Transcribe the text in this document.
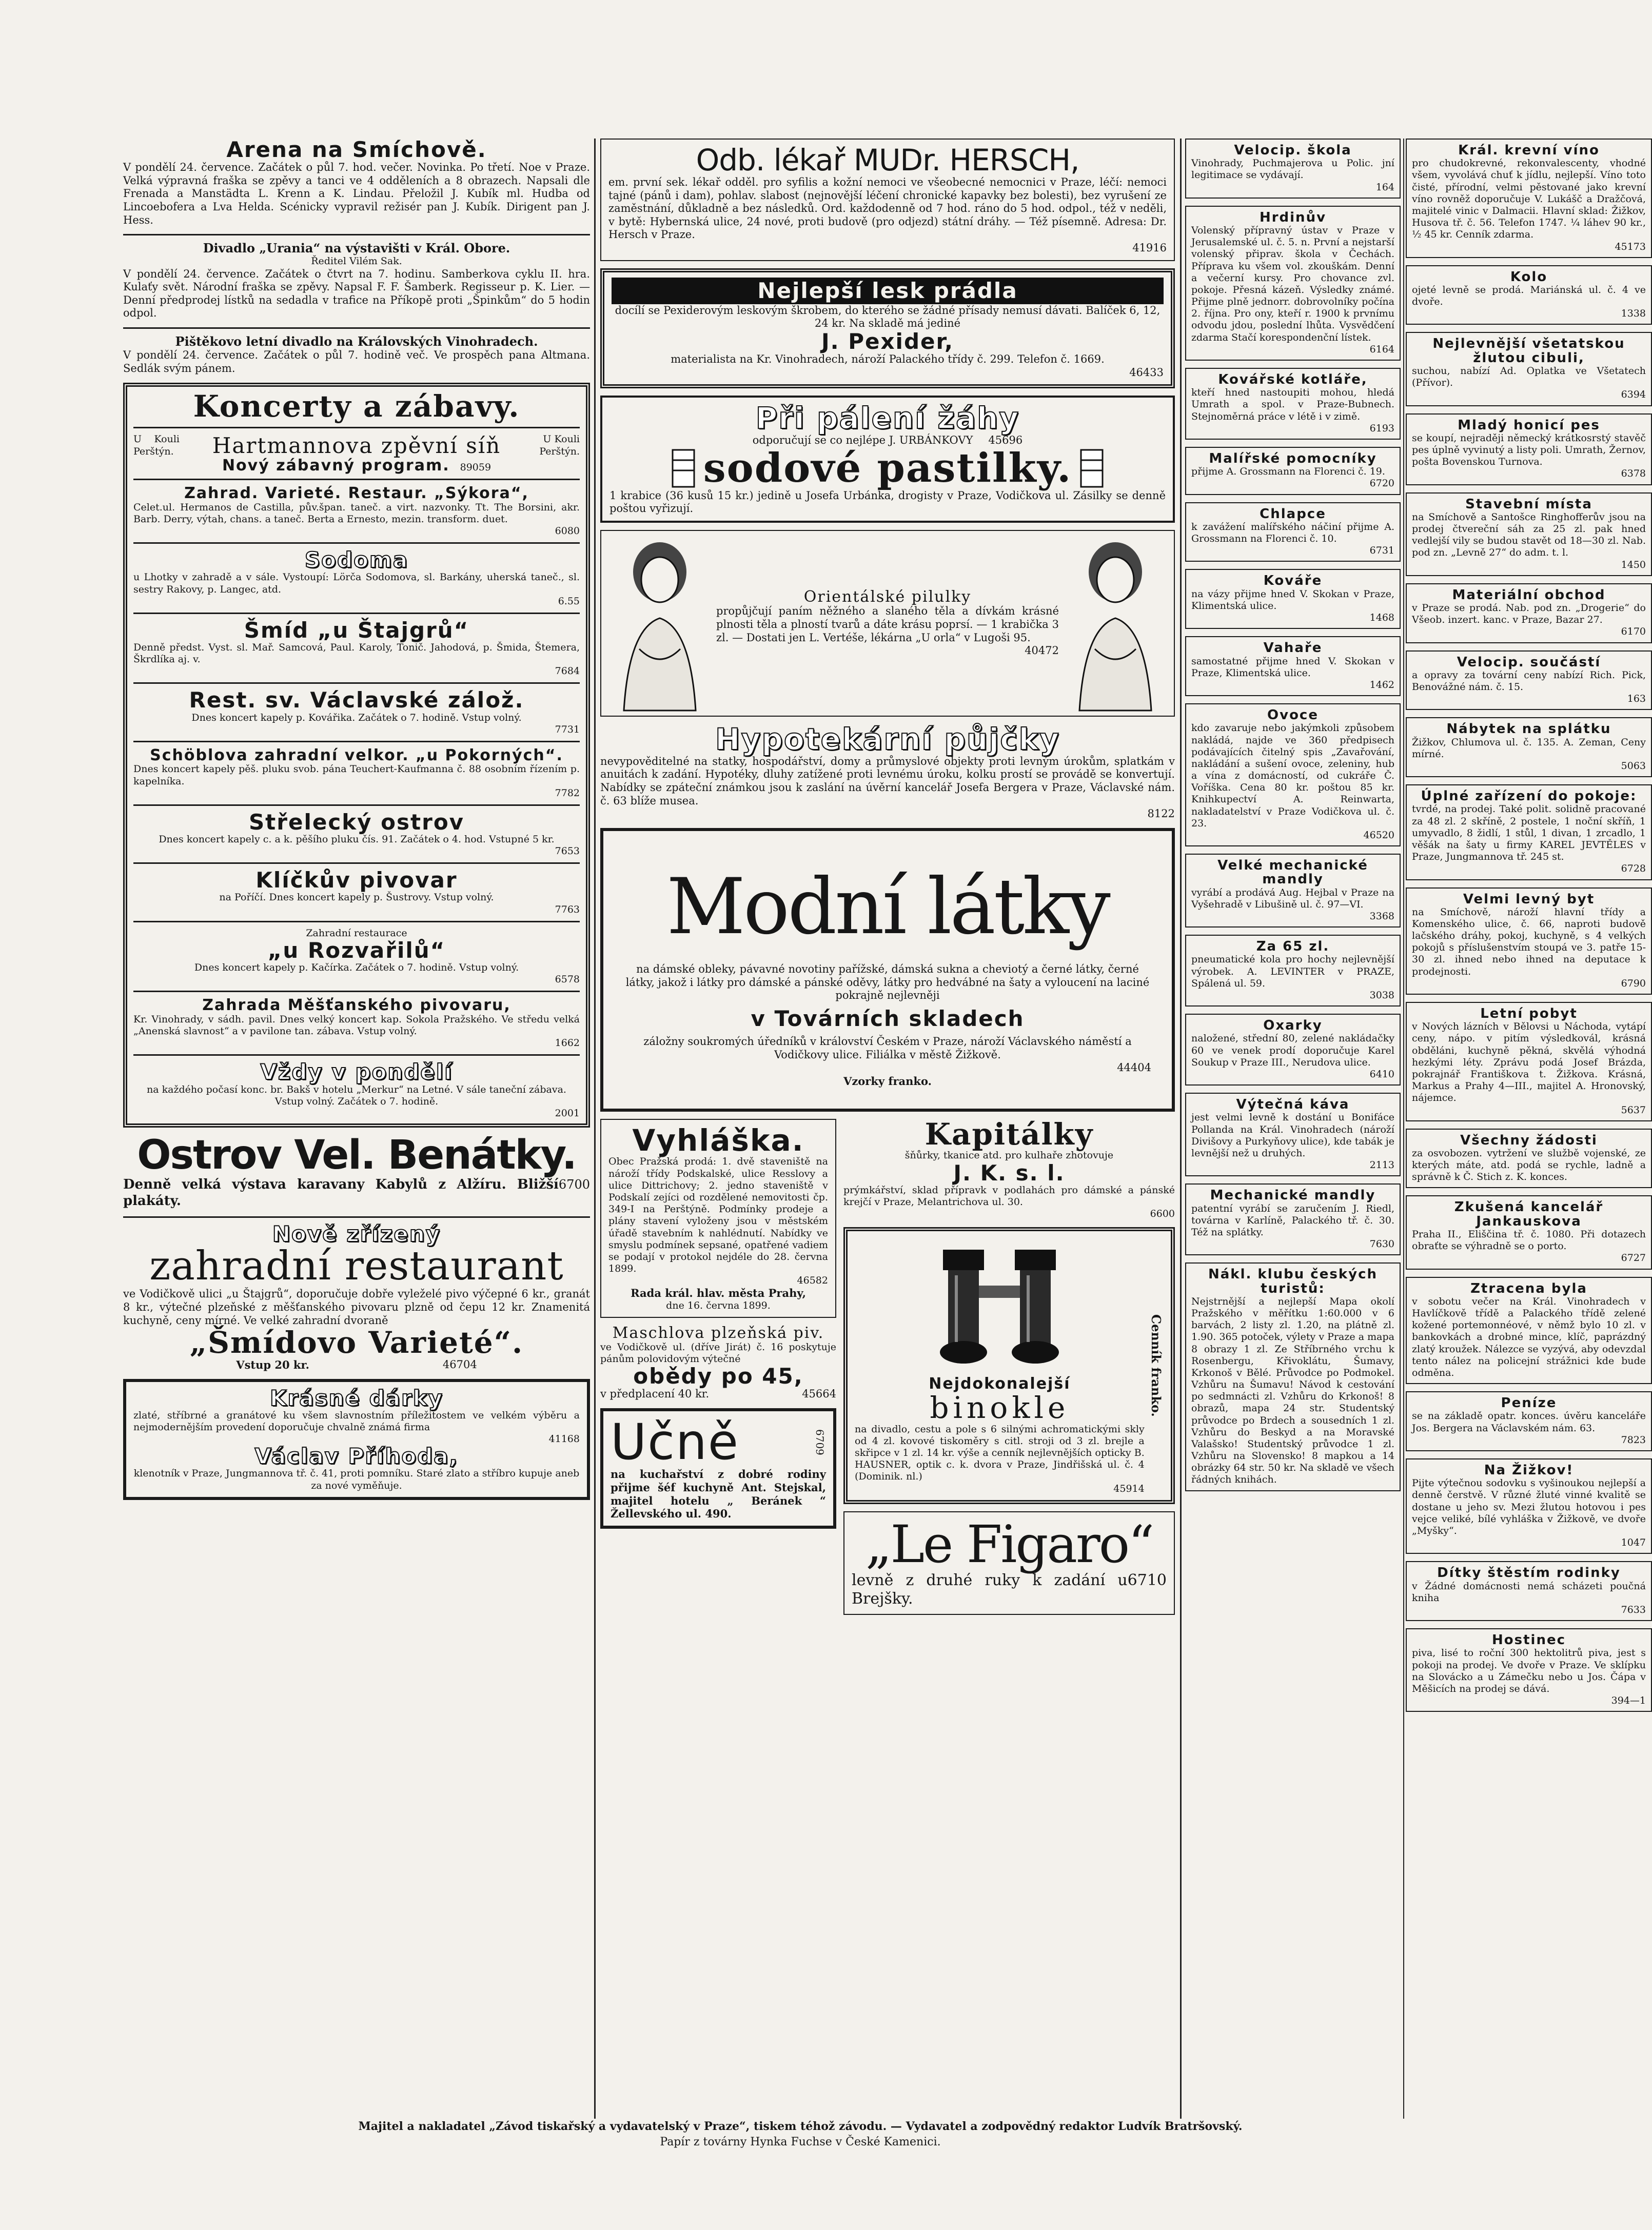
Arena na Smíchově.
V pondělí 24. července. Začátek o půl 7. hod. večer. Novinka. Po třetí. Noe v Praze. Velká výpravná fraška se zpěvy a tanci ve 4 odděleních a 8 obrazech. Napsali dle Frenada a Manstädta L. Krenn a K. Lindau. Přeložil J. Kubík ml. Hudba od Lincoebofera a Lva Helda. Scénicky vypravil režisér pan J. Kubík. Dirigent pan J. Hess.
Divadlo „Urania“ na výstavišti v Král. Obore.
Ředitel Vilém Sak.
V pondělí 24. července. Začátek o čtvrt na 7. hodinu. Samberkova cyklu II. hra. Kulaťy svět. Národní fraška se zpěvy. Napsal F. F. Šamberk. Regisseur p. K. Lier. — Denní předprodej lístků na sedadla v trafice na Příkopě proti „Špinkům“ do 5 hodin odpol.
Pištěkovo letní divadlo na Královských Vinohradech.
V pondělí 24. července. Začátek o půl 7. hodině več. Ve prospěch pana Altmana. Sedlák svým pánem.
Koncerty a zábavy.
U Kouli Perštýn. Hartmannova zpěvní síň	U Kouli Perštýn.
Nový zábavný program. 89059
Zahrad. Varieté. Restaur. „Sýkora“,
Celet.ul. Hermanos de Castilla, pův.špan. taneč. a virt. nazvonky. Tt. The Borsini, akr. Barb. Derry, výtah, chans. a taneč. Berta a Ernesto, mezin. transform. duet.
6080
Sodoma
u Lhotky v zahradě a v sále. Vystoupí: Lörča Sodomova, sl. Barkány, uherská taneč., sl. sestry Rakovy, p. Langec, atd.
6.55
Šmíd „u Štajgrů“
Denně předst. Vyst. sl. Mař. Samcová, Paul. Karoly, Tonič. Jahodová, p. Šmida, Štemera, Škrdlíka aj. v.
7684
Rest. sv. Václavské zálož.
Dnes koncert kapely p. Kovářika. Začátek o 7. hodině. Vstup volný.
7731
Schöblova zahradní velkor. „u Pokorných“.
Dnes koncert kapely pěš. pluku svob. pána Teuchert-Kaufmanna č. 88 osobním řízením p. kapelníka.
7782
Střelecký ostrov
Dnes koncert kapely c. a k. pěšího pluku čís. 91. Začátek o 4. hod. Vstupné 5 kr.
7653
Klíčkův pivovar
na Poříčí. Dnes koncert kapely p. Šustrovy. Vstup volný.
7763
Zahradní restaurace
„u Rozvařilů“
Dnes koncert kapely p. Kačírka. Začátek o 7. hodině. Vstup volný.
6578
Zahrada Měšťanského pivovaru,
Kr. Vinohrady, v sádh. pavil. Dnes velký koncert kap. Sokola Pražského. Ve středu velká „Anenská slavnost“ a v pavilone tan. zábava. Vstup volný.
1662
Vždy v pondělí
na každého počasí konc. br. Bakš v hotelu „Merkur“ na Letné. V sále taneční zábava. Vstup volný. Začátek o 7. hodině.
2001
Ostrov Vel. Benátky.
Denně velká výstava karavany Kabylů z Alžíru. Bližší plakáty.
6700
Nově zřízený
zahradní restaurant
ve Vodičkově ulici „u Štajgrů“, doporučuje dobře vyleželé pivo výčepné 6 kr., granát 8 kr., výtečné plzeňské z měšťanského pivovaru plzně od čepu 12 kr. Znamenitá kuchyně, ceny mírné. Ve velké zahradní dvoraně
„Šmídovo Varieté“.
Vstup 20 kr.	46704
Krásné dárky
zlaté, stříbrné a granátové ku všem slavnostním příležitostem ve velkém výběru a nejmodernějším provedení doporučuje chvalně známá firma
41168
Václav Příhoda,
klenotník v Praze, Jungmannova tř. č. 41, proti pomníku. Staré zlato a stříbro kupuje aneb za nové vyměňuje.
Odb. lékař MUDr. HERSCH,
em. první sek. lékař odděl. pro syfilis a kožní nemoci ve všeobecné nemocnici v Praze, léčí: nemoci tajné (pánů i dam), pohlav. slabost (nejnovější léčení chronické kapavky bez bolesti), bez vyrušení ze zaměstnání, důkladně a bez následků. Ord. každodenně od 7 hod. ráno do 5 hod. odpol., též v neděli, v bytě: Hybernská ulice, 24 nové, proti budově (pro odjezd) státní dráhy. — Též písemně. Adresa: Dr. Hersch v Praze.
41916
Nejlepší lesk prádla
docílí se Pexiderovým leskovým škrobem, do kterého se žádné přísady nemusí dávati. Balíček 6, 12, 24 kr. Na skladě má jediné
J. Pexider,
materialista na Kr. Vinohradech, nároží Palackého třídy č. 299. Telefon č. 1669.
46433
Při pálení žáhy
odporučují se co nejlépe J. URBÁNKOVY 45696
sodové pastilky.
1 krabice (36 kusů 15 kr.) jedině u Josefa Urbánka, drogisty v Praze, Vodičkova ul. Zásilky se denně poštou vyřizují.
Orientálské pilulky
propůjčují paním něžného a slaného těla a dívkám krásné plnosti těla a plností tvarů a dáte krásu poprsí. — 1 krabička 3 zl. — Dostati jen L. Vertéše, lékárna „U orla“ v Lugoši 95.
40472
Hypotekární půjčky
nevypověditelné na statky, hospodářství, domy a průmyslové objekty proti levným úrokům, splatkám v anuitách k zadání. Hypotéky, dluhy zatížené proti levnému úroku, kolku prostí se provádě se konvertují. Nabídky se zpáteční známkou jsou k zaslání na úvěrní kancelář Josefa Bergera v Praze, Václavské nám. č. 63 blíže musea.
8122
Modní látky
na dámské obleky, pávavné novotiny pařížské, dámská sukna a cheviotý a černé látky, černé látky, jakož i látky pro dámské a pánské oděvy, látky pro hedvábné na šaty a vyloucení na laciné pokrajně nejlevněji
v Továrních skladech
záložny soukromých úředníků v království Českém v Praze, nároží Václavského náměstí a Vodičkovy ulice. Filiálka v městě Žižkově.
44404
Vzorky franko.
Vyhláška.
Obec Pražská prodá: 1. dvě staveniště na nároží třídy Podskalské, ulice Resslovy a ulice Dittrichovy; 2. jedno staveniště v Podskalí zejíci od rozdělené nemovitosti čp. 349-I na Perštýně. Podmínky prodeje a plány stavení vyloženy jsou v městském úřadě stavebním k nahlédnutí. Nabídky ve smyslu podmínek sepsané, opatřené vadiem se podají v protokol nejdéle do 28. června 1899.
46582
Rada král. hlav. města Prahy,
dne 16. června 1899.
Maschlova plzeňská piv.
ve Vodičkově ul. (dříve Jirát) č. 16 poskytuje pánům polovidovým výtečné
obědy po 45,
v předplacení 40 kr.	45664
Učně	6709
na kuchařství z dobré rodiny přijme šéf kuchyně Ant. Stejskal, majitel hotelu „ Beránek “ Žellevského ul. 490.
Kapitálky
šňůrky, tkanice atd. pro kulhaře zhotovuje
J. K. s. l.
prýmkářství, sklad přípravk v podlahách pro dámské a pánské krejčí v Praze, Melantrichova ul. 30.
6600
Nejdokonalejší
binokle
na divadlo, cestu a pole s 6 silnými achromatickými skly od 4 zl. kovové tiskoměry s citl. stroji od 3 zl. brejle a skřipce v 1 zl. 14 kr. výše a cenník nejlevnějších opticky B. HAUSNER, optik c. k. dvora v Praze, Jindřišská ul. č. 4 (Dominik. nl.)
45914
Cenník franko.
„Le Figaro“
levně z druhé ruky k zadání u Brejšky.
6710
Velocip. škola
Vinohrady, Puchmajerova u Polic. jní legitimace se vydávají.
164
Hrdinův
Volenský přípravný ústav v Praze v Jerusalemské ul. č. 5. n. První a nejstarší volenský připrav. škola v Čechách. Příprava ku všem vol. zkouškám. Denní a večerní kursy. Pro chovance zvl. pokoje. Přesná kázeň. Výsledky známé. Přijme plně jednorr. dobrovolníky počína 2. října. Pro ony, kteří r. 1900 k prvnímu odvodu jdou, poslední lhůta. Vysvědčení zdarma Stačí korespondenční lístek.
6164
Kovářské kotláře,
kteří hned nastoupiti mohou, hledá Umrath a spol. v Praze-Bubnech. Stejnoměrná práce v létě i v zimě.
6193
Malířské pomocníky
přijme A. Grossmann na Florenci č. 19.
6720
Chlapce
k zavážení malířského náčiní přijme A. Grossmann na Florenci č. 10.
6731
Kováře
na vázy přijme hned V. Skokan v Praze, Klimentská ulice.
1468
Vahaře
samostatné přijme hned V. Skokan v Praze, Klimentská ulice.
1462
Ovoce
kdo zavaruje nebo jakýmkoli způsobem nakládá, najde ve 360 předpisech podávajících čitelný spis „Zavařování, nakládání a sušení ovoce, zeleniny, hub a vína z domácností, od cukráře Č. Voříška. Cena 80 kr. poštou 85 kr. Knihkupectví A. Reinwarta, nakladatelství v Praze Vodičkova ul. č. 23.
46520
Velké mechanické mandly
vyrábí a prodává Aug. Hejbal v Praze na Vyšehradě v Libušině ul. č. 97—VI.
3368
Za 65 zl.
pneumatické kola pro hochy nejlevnější výrobek. A. LEVINTER v PRAZE, Spálená ul. 59.
3038
Oxarky
naložené, střední 80, zelené nakládačky 60 ve venek prodí doporučuje Karel Soukup v Praze III., Nerudova ulice.
6410
Výtečná káva
jest velmi levně k dostání u Bonifáce Pollanda na Král. Vinohradech (nároží Divišovy a Purkyňovy ulice), kde tabák je levnější než u druhých.
2113
Mechanické mandly
patentní vyrábí se zaručením J. Riedl, továrna v Karlíně, Palackého tř. č. 30. Též na splátky.
7630
Nákl. klubu českých turistů:
Nejstrnější a nejlepší Mapa okolí Pražského v měřítku 1:60.000 v 6 barvách, 2 listy zl. 1.20, na plátně zl. 1.90. 365 potoček, výlety v Praze a mapa 8 obrazy 1 zl. Ze Stříbrného vrchu k Rosenbergu, Křivoklátu, Šumavy, Krkonoš v Bělé. Průvodce po Podmokel. Vzhůru na Šumavu! Návod k cestování po sedmnácti zl. Vzhůru do Krkonoš! 8 obrazů, mapa 24 str. Studentský průvodce po Brdech a sousedních 1 zl. Vzhůru do Beskyd a na Moravské Valašsko! Studentský průvodce 1 zl. Vzhůru na Slovensko! 8 mapkou a 14 obrázky 64 str. 50 kr. Na skladě ve všech řádných knihách.
Král. krevní víno
pro chudokrevné, rekonvalescenty, vhodné všem, vyvolává chuť k jídlu, nejlepší. Víno toto čisté, přírodní, velmi pěstované jako krevní víno rovněž doporučuje V. Lukášč a Dražčová, majitelé vinic v Dalmacii. Hlavní sklad: Žižkov, Husova tř. č. 56. Telefon 1747. ¼ láhev 90 kr., ½ 45 kr. Cenník zdarma.
45173
Kolo
ojeté levně se prodá. Mariánská ul. č. 4 ve dvoře.
1338
Nejlevnější všetatskou žlutou cibuli,
suchou, nabízí Ad. Oplatka ve Všetatech (Přívor).
6394
Mladý honicí pes
se koupí, nejraději německý krátkosrstý stavěč pes úplně vyvinutý a listy poli. Umrath, Žernov, pošta Bovenskou Turnova.
6378
Stavební místa
na Smíchově a Santošce Ringhofferův jsou na prodej čtvereční sáh za 25 zl. pak hned vedlejší vily se budou stavět od 18—30 zl. Nab. pod zn. „Levně 27“ do adm. t. l.
1450
Materiální obchod
v Praze se prodá. Nab. pod zn. „Drogerie“ do Všeob. inzert. kanc. v Praze, Bazar 27.
6170
Velocip. součástí
a opravy za tovární ceny nabízí Rich. Pick, Benovážné nám. č. 15.
163
Nábytek na splátku
Žižkov, Chlumova ul. č. 135. A. Zeman, Ceny mírné.
5063
Úplné zařízení do pokoje:
tvrdé, na prodej. Také polit. solidně pracované za 48 zl. 2 skříně, 2 postele, 1 noční skříň, 1 umyvadlo, 8 židlí, 1 stůl, 1 divan, 1 zrcadlo, 1 věšák na šaty u firmy KAREL JEVTĚLES v Praze, Jungmannova tř. 245 st.
6728
Velmi levný byt
na Smíchově, nároží hlavní třídy a Komenského ulice, č. 66, naproti budově lačského dráhy, pokoj, kuchyně, s 4 velkých pokojů s příslušenstvím stoupá ve 3. patře 15-30 zl. ihned nebo ihned na deputace k prodejnosti.
6790
Letní pobyt
v Nových lázních v Bělovsi u Náchoda, vytápí ceny, nápo. v pitím výsledkovál, krásná obděláni, kuchyně pěkná, skvělá výhodná hezkými léty. Zprávu podá Josef Brázda, pokrajnář Františkova t. Žižkova. Krásná, Markus a Prahy 4—III., majitel A. Hronovský, nájemce.
5637
Všechny žádosti
za osvobozen. vytržení ve službě vojenské, ze kterých máte, atd. podá se rychle, ladně a správně k Č. Stich z. K. konces.
Zkušená kancelář Jankauskova
Praha II., Eliščina tř. č. 1080. Při dotazech obraťte se výhradně se o porto.
6727
Ztracena byla
v sobotu večer na Král. Vinohradech v Havlíčkově třídě a Palackého třídě zelené kožené portemonnéové, v němž bylo 10 zl. v bankovkách a drobné mince, klíč, paprázdný zlatý kroužek. Nálezce se vyzývá, aby odevzdal tento nález na policejní strážnici kde bude odměna.
Peníze
se na základě opatr. konces. úvěru kanceláře Jos. Bergera na Václavském nám. 63.
7823
Na Žižkov!
Pijte výtečnou sodovku s vyšinoukou nejlepší a denně čerstvě. V různé žluté vinné kvalitě se dostane u jeho sv. Mezi žlutou hotovou i pes vejce veliké, bílé vyhláška v Žižkově, ve dvoře „Myšky“.
1047
Dítky štěstím rodinky
v Žádné domácnosti nemá scházeti poučná kniha
7633
Hostinec
piva, lisé to roční 300 hektolitrů piva, jest s pokoji na prodej. Ve dvoře v Praze. Ve sklípku na Slovácko a u Zámečku nebo u Jos. Čápa v Měšicích na prodej se dává.
394—1
Majitel a nakladatel „Závod tiskařský a vydavatelský v Praze“, tiskem téhož závodu. — Vydavatel a zodpovědný redaktor Ludvík Bratršovský.
Papír z továrny Hynka Fuchse v České Kamenici.
